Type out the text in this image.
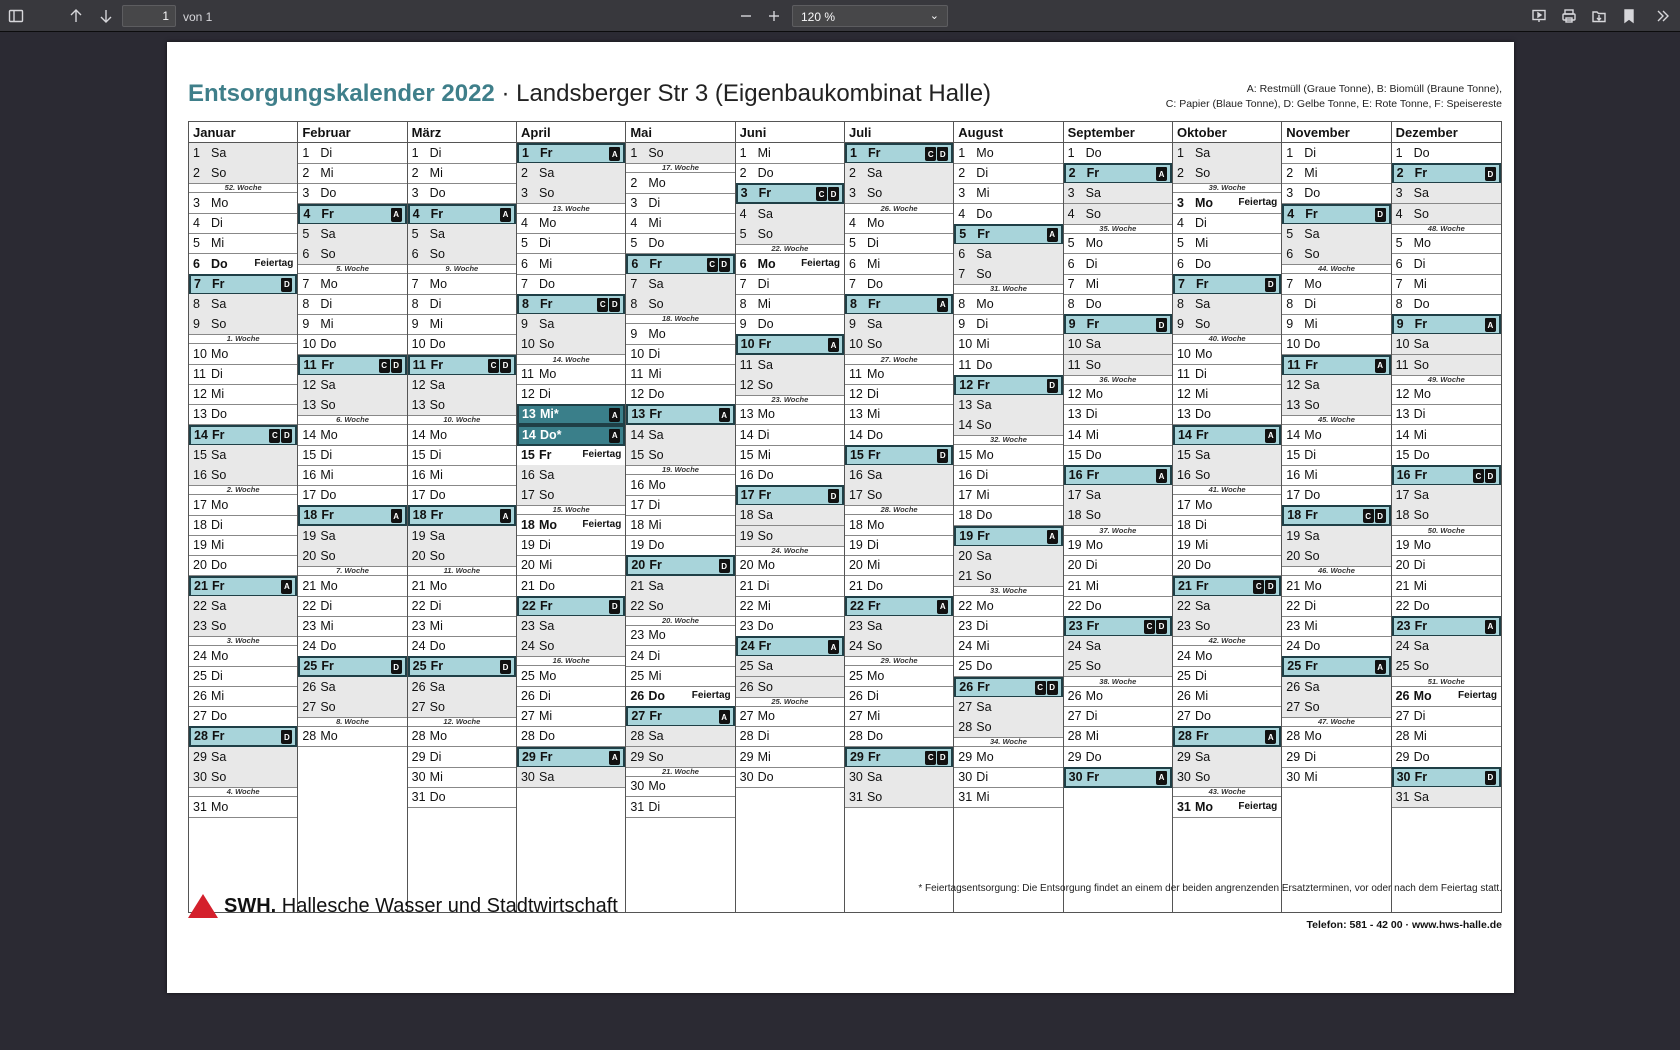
1
von 1	120 %	⌄
Entsorgungskalender 2022 · Landsberger Str 3 (Eigenbaukombinat Halle)	A: Restmüll (Graue Tonne), B: Biomüll (Braune Tonne),
C: Papier (Blaue Tonne), D: Gelbe Tonne, E: Rote Tonne, F: Speisereste
Januar
1 Sa
2 So
52. Woche
3 Mo
4 Di
5 Mi
6 Do	Feiertag
7 Fr	D
8 Sa
9 So
1. Woche
10 Mo
11 Di
12 Mi
13 Do
14 Fr	C D
15 Sa
16 So
2. Woche
17 Mo
18 Di
19 Mi
20 Do
21 Fr	A
22 Sa
23 So
3. Woche
24 Mo
25 Di
26 Mi
27 Do
28 Fr	D
29 Sa
30 So
4. Woche
31 Mo
Februar
1 Di
2 Mi
3 Do
4 Fr	A
5 Sa
6 So
5. Woche
7 Mo
8 Di
9 Mi
10 Do
11 Fr	C D
12 Sa
13 So
6. Woche
14 Mo
15 Di
16 Mi
17 Do
18 Fr	A
19 Sa
20 So
7. Woche
21 Mo
22 Di
23 Mi
24 Do
25 Fr	D
26 Sa
27 So
8. Woche
28 Mo
März
1 Di
2 Mi
3 Do
4 Fr	A
5 Sa
6 So
9. Woche
7 Mo
8 Di
9 Mi
10 Do
11 Fr	C D
12 Sa
13 So
10. Woche
14 Mo
15 Di
16 Mi
17 Do
18 Fr	A
19 Sa
20 So
11. Woche
21 Mo
22 Di
23 Mi
24 Do
25 Fr	D
26 Sa
27 So
12. Woche
28 Mo
29 Di
30 Mi
31 Do
April
1 Fr	A
2 Sa
3 So
13. Woche
4 Mo
5 Di
6 Mi
7 Do
8 Fr	C D
9 Sa
10 So
14. Woche
11 Mo
12 Di
13 Mi*	A
14 Do*	A
15 Fr	Feiertag
16 Sa
17 So
15. Woche
18 Mo	Feiertag
19 Di
20 Mi
21 Do
22 Fr	D
23 Sa
24 So
16. Woche
25 Mo
26 Di
27 Mi
28 Do
29 Fr	A
30 Sa
Mai
1 So
17. Woche
2 Mo
3 Di
4 Mi
5 Do
6 Fr	C D
7 Sa
8 So
18. Woche
9 Mo
10 Di
11 Mi
12 Do
13 Fr	A
14 Sa
15 So
19. Woche
16 Mo
17 Di
18 Mi
19 Do
20 Fr	D
21 Sa
22 So
20. Woche
23 Mo
24 Di
25 Mi
26 Do	Feiertag
27 Fr	A
28 Sa
29 So
21. Woche
30 Mo
31 Di
Juni
1 Mi
2 Do
3 Fr	C D
4 Sa
5 So
22. Woche
6 Mo	Feiertag
7 Di
8 Mi
9 Do
10 Fr	A
11 Sa
12 So
23. Woche
13 Mo
14 Di
15 Mi
16 Do
17 Fr	D
18 Sa
19 So
24. Woche
20 Mo
21 Di
22 Mi
23 Do
24 Fr	A
25 Sa
26 So
25. Woche
27 Mo
28 Di
29 Mi
30 Do
Juli
1 Fr	C D
2 Sa
3 So
26. Woche
4 Mo
5 Di
6 Mi
7 Do
8 Fr	A
9 Sa
10 So
27. Woche
11 Mo
12 Di
13 Mi
14 Do
15 Fr	D
16 Sa
17 So
28. Woche
18 Mo
19 Di
20 Mi
21 Do
22 Fr	A
23 Sa
24 So
29. Woche
25 Mo
26 Di
27 Mi
28 Do
29 Fr	C D
30 Sa
31 So
August
1 Mo
2 Di
3 Mi
4 Do
5 Fr	A
6 Sa
7 So
31. Woche
8 Mo
9 Di
10 Mi
11 Do
12 Fr	D
13 Sa
14 So
32. Woche
15 Mo
16 Di
17 Mi
18 Do
19 Fr	A
20 Sa
21 So
33. Woche
22 Mo
23 Di
24 Mi
25 Do
26 Fr	C D
27 Sa
28 So
34. Woche
29 Mo
30 Di
31 Mi
September
1 Do
2 Fr	A
3 Sa
4 So
35. Woche
5 Mo
6 Di
7 Mi
8 Do
9 Fr	D
10 Sa
11 So
36. Woche
12 Mo
13 Di
14 Mi
15 Do
16 Fr	A
17 Sa
18 So
37. Woche
19 Mo
20 Di
21 Mi
22 Do
23 Fr	C D
24 Sa
25 So
38. Woche
26 Mo
27 Di
28 Mi
29 Do
30 Fr	A
Oktober
1 Sa
2 So
39. Woche
3 Mo	Feiertag
4 Di
5 Mi
6 Do
7 Fr	D
8 Sa
9 So
40. Woche
10 Mo
11 Di
12 Mi
13 Do
14 Fr	A
15 Sa
16 So
41. Woche
17 Mo
18 Di
19 Mi
20 Do
21 Fr	C D
22 Sa
23 So
42. Woche
24 Mo
25 Di
26 Mi
27 Do
28 Fr	A
29 Sa
30 So
43. Woche
31 Mo	Feiertag
November
1 Di
2 Mi
3 Do
4 Fr	D
5 Sa
6 So
44. Woche
7 Mo
8 Di
9 Mi
10 Do
11 Fr	A
12 Sa
13 So
45. Woche
14 Mo
15 Di
16 Mi
17 Do
18 Fr	C D
19 Sa
20 So
46. Woche
21 Mo
22 Di
23 Mi
24 Do
25 Fr	A
26 Sa
27 So
47. Woche
28 Mo
29 Di
30 Mi
Dezember
1 Do
2 Fr	D
3 Sa
4 So
48. Woche
5 Mo
6 Di
7 Mi
8 Do
9 Fr	A
10 Sa
11 So
49. Woche
12 Mo
13 Di
14 Mi
15 Do
16 Fr	C D
17 Sa
18 So
50. Woche
19 Mo
20 Di
21 Mi
22 Do
23 Fr	A
24 Sa
25 So
51. Woche
26 Mo	Feiertag
27 Di
28 Mi
29 Do
30 Fr	D
31 Sa
* Feiertagsentsorgung: Die Entsorgung findet an einem der beiden angrenzenden Ersatzterminen, vor oder nach dem Feiertag statt.
SWH. Hallesche Wasser und Stadtwirtschaft
Telefon: 581 - 42 00 · www.hws-halle.de
